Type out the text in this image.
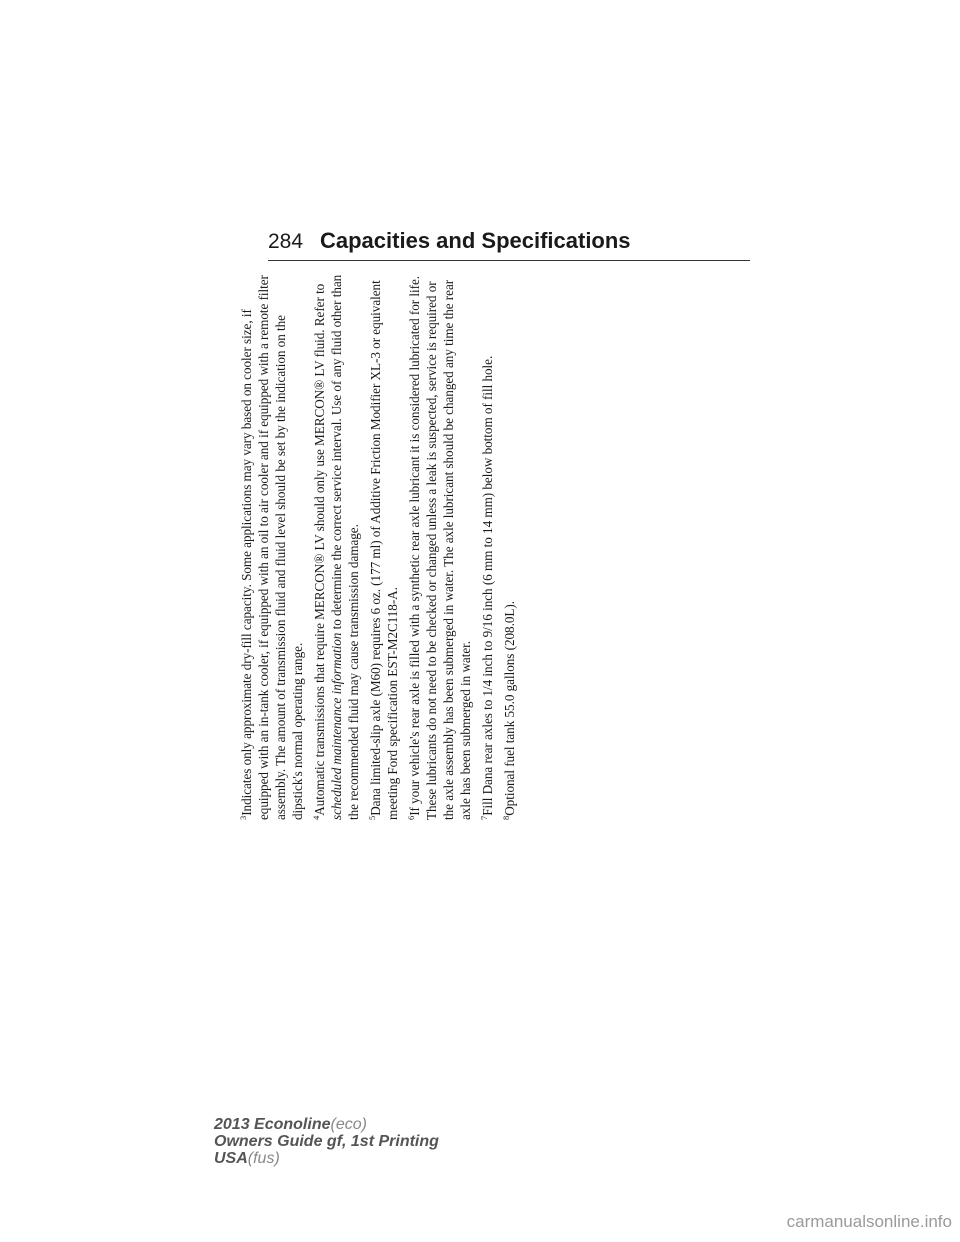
284 Capacities and Specifications

$^3$Indicates only approximate dry-fill capacity. Some applications may vary based on cooler size, if equipped with an in-tank cooler, if equipped with an oil to air cooler and if equipped with a remote filter assembly. The amount of transmission fluid and fluid level should be set by the indication on the dipstick's normal operating range. $^4$Automatic transmissions that require MERCON® LV should only use MERCON® LV fluid. Refer to scheduled maintenance information to determine the correct service interval. Use of any fluid other than the recommended fluid may cause transmission damage. $^5$Dana limited-slip axle (M60) requires 6 oz. (177 ml) of Additive Friction Modifier XL-3 or equivalent meeting Ford specification EST-M2C118-A. $^6$If your vehicle's rear axle is filled with a synthetic rear axle lubricant it is considered lubricated for life. These lubricants do not need to be checked or changed unless a leak is suspected, service is required or the axle assembly has been submerged in water. The axle lubricant should be changed any time the rear axle has been submerged in water. $^7$Fill Dana rear axles to 1/4 inch to 9/16 inch (6 mm to 14 mm) below bottom of fill hole.

$^8$Optional fuel tank 55.0 gallons (208.0L).

2013 Econoline(eco)
Owners Guide gf, 1st Printing
USA(fus)
carmanualsonline.info
